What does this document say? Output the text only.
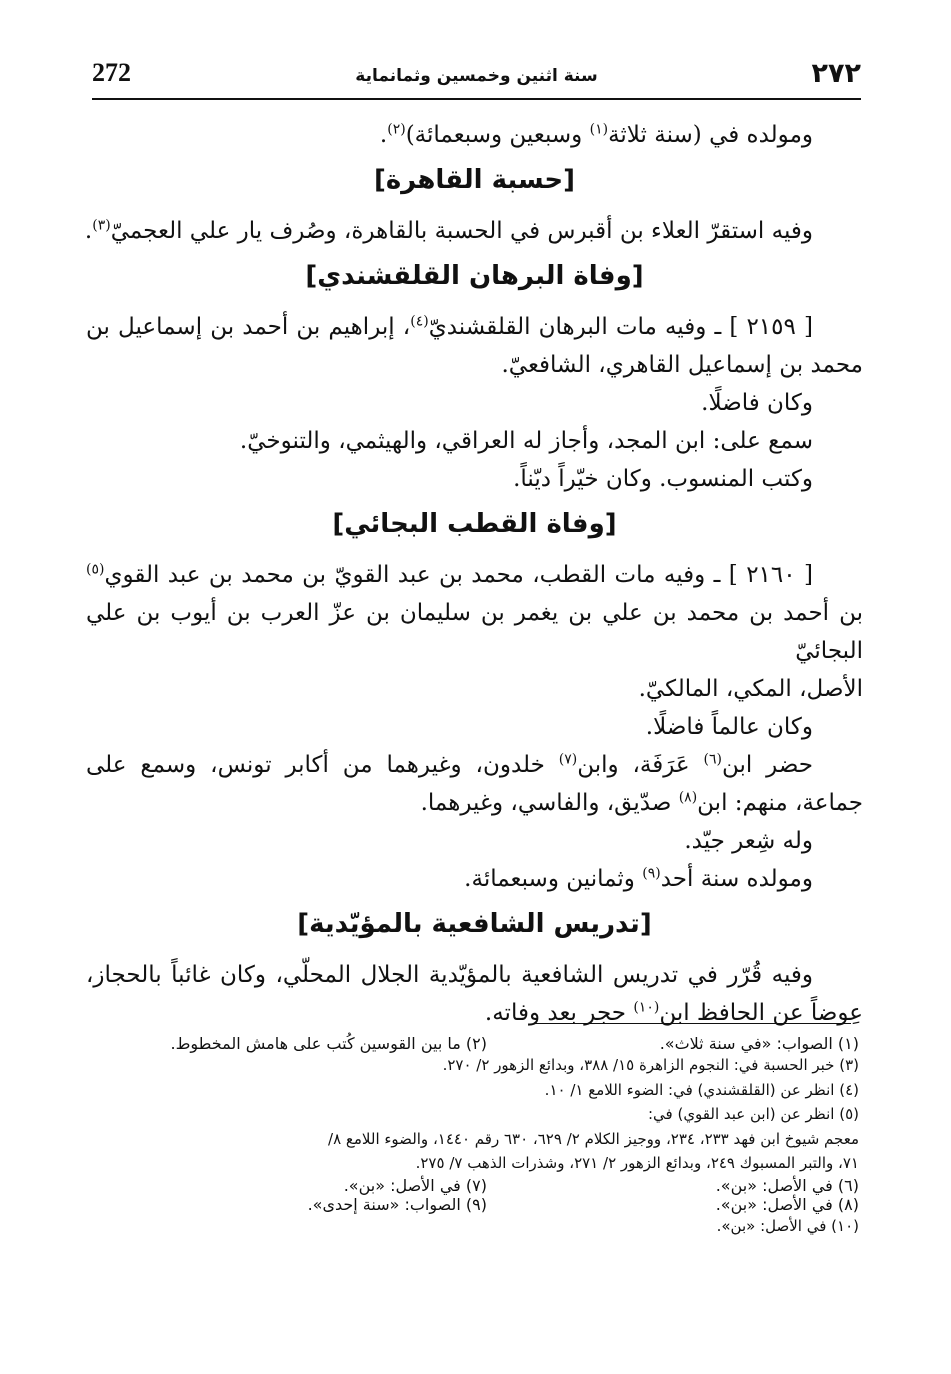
272	سنة اثنين وخمسين وثمانماية	٢٧٢
ومولده في (سنة ثلاثة$^{(١)}$ وسبعين وسبعمائة)$^{(٢)}$.
[حسبة القاهرة]
وفيه استقرّ العلاء بن أقبرس في الحسبة بالقاهرة، وصُرف يار علي العجميّ$^{(٣)}$.
[وفاة البرهان القلقشندي]
[ ٢١٥٩ ] ـ وفيه مات البرهان القلقشنديّ$^{(٤)}$، إبراهيم بن أحمد بن إسماعيل بن
محمد بن إسماعيل القاهري، الشافعيّ.
وكان فاضلًا.
سمع على: ابن المجد، وأجاز له العراقي، والهيثمي، والتنوخيّ.
وكتب المنسوب. وكان خيّراً ديّناً.
[وفاة القطب البجائي]
[ ٢١٦٠ ] ـ وفيه مات القطب، محمد بن عبد القويّ بن محمد بن عبد القوي$^{(٥)}$
بن أحمد بن محمد بن علي بن يغمر بن سليمان بن عزّ العرب بن أيوب بن علي البجائيّ
الأصل، المكي، المالكيّ.
وكان عالماً فاضلًا.
حضر ابن$^{(٦)}$ عَرَفَة، وابن$^{(٧)}$ خلدون، وغيرهما من أكابر تونس، وسمع على
جماعة، منهم: ابن$^{(٨)}$ صدّيق، والفاسي، وغيرهما.
وله شِعر جيّد.
ومولده سنة أحد$^{(٩)}$ وثمانين وسبعمائة.
[تدريس الشافعية بالمؤيّدية]
وفيه قُرّر في تدريس الشافعية بالمؤيّدية الجلال المحلّي، وكان غائباً بالحجاز،
عِوضاً عن الحافظ ابن$^{(١٠)}$ حجر بعد وفاته.
(١) الصواب: «في سنة ثلاث».
(٢) ما بين القوسين كُتب على هامش المخطوط.
(٣) خبر الحسبة في: النجوم الزاهرة ١٥/ ٣٨٨، وبدائع الزهور ٢/ ٢٧٠.
(٤) انظر عن (القلقشندي) في: الضوء اللامع ١/ ١٠.
(٥) انظر عن (ابن عبد القوي) في:
معجم شيوخ ابن فهد ٢٣٣، ٢٣٤، ووجيز الكلام ٢/ ٦٢٩، ٦٣٠ رقم ١٤٤٠، والضوء اللامع ٨/
٧١، والتبر المسبوك ٢٤٩، وبدائع الزهور ٢/ ٢٧١، وشذرات الذهب ٧/ ٢٧٥.
(٦) في الأصل: «بن».
(٧) في الأصل: «بن».
(٨) في الأصل: «بن».
(٩) الصواب: «سنة إحدى».
(١٠) في الأصل: «بن».
